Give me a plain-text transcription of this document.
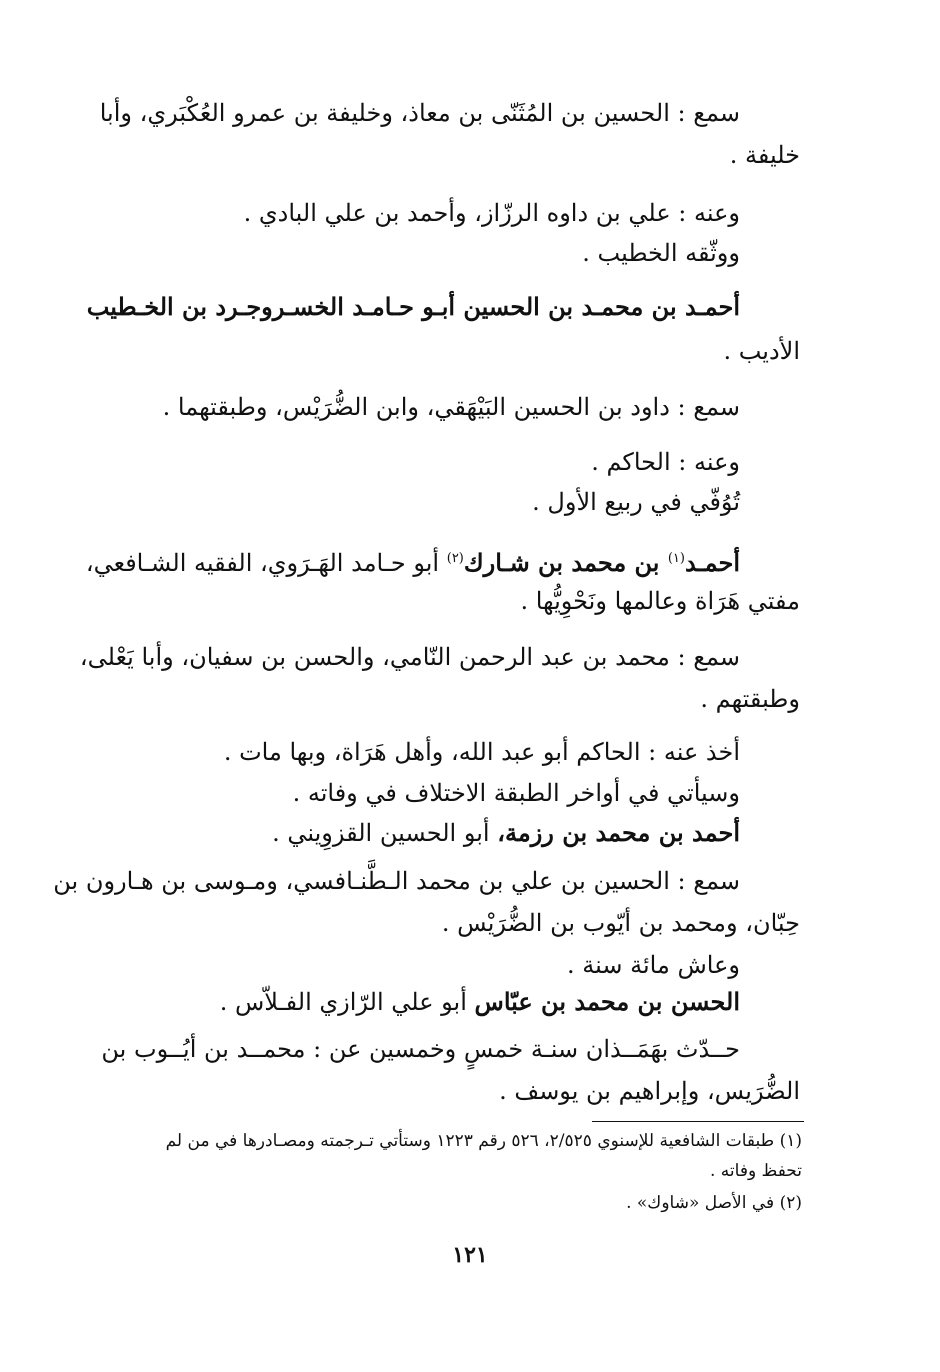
سمع : الحسين بن المُثَنّى بن معاذ، وخليفة بن عمرو العُكْبَري، وأبا
خليفة .
وعنه : علي بن داوه الرزّاز، وأحمد بن علي البادي .
ووثّقه الخطيب .
أحمـد بن محمـد بن الحسين أبـو حـامـد الخسـروجـرد بن الخـطيب
الأديب .
سمع : داود بن الحسين البَيْهَقي، وابن الضُّرَيْس، وطبقتهما .
وعنه : الحاكم .
تُوُفّي في ربيع الأول .
أحمـد$^{(١)}$ بن محمد بن شـارك$^{(٢)}$ أبو حـامد الهَـرَوي، الفقيه الشـافعي،
مفتي هَرَاة وعالمها ونَحْوِيُّها .
سمع : محمد بن عبد الرحمن النّامي، والحسن بن سفيان، وأبا يَعْلى،
وطبقتهم .
أخذ عنه : الحاكم أبو عبد الله، وأهل هَرَاة، وبها مات .
وسيأتي في أواخر الطبقة الاختلاف في وفاته .
أحمد بن محمد بن رزمة، أبو الحسين القزوِيني .
سمع : الحسين بن علي بن محمد الـطَّنـافسي، ومـوسى بن هـارون بن
حِبّان، ومحمد بن أيّوب بن الضُّرَيْس .
وعاش مائة سنة .
الحسن بن محمد بن عبّاس أبو علي الرّازي الفـلاّس .
حــدّث بهَمَــذان سنـة خمسٍ وخمسين عن : محمــد بن أيُــوب بن
الضُّرَيس، وإبراهيم بن يوسف .
(١) طبقات الشافعية للإسنوي ٢/٥٢٥، ٥٢٦ رقم ١٢٢٣ وستأتي تـرجمته ومصـادرها في من لم
تحفظ وفاته .
(٢) في الأصل «شاوك» .
١٢١
